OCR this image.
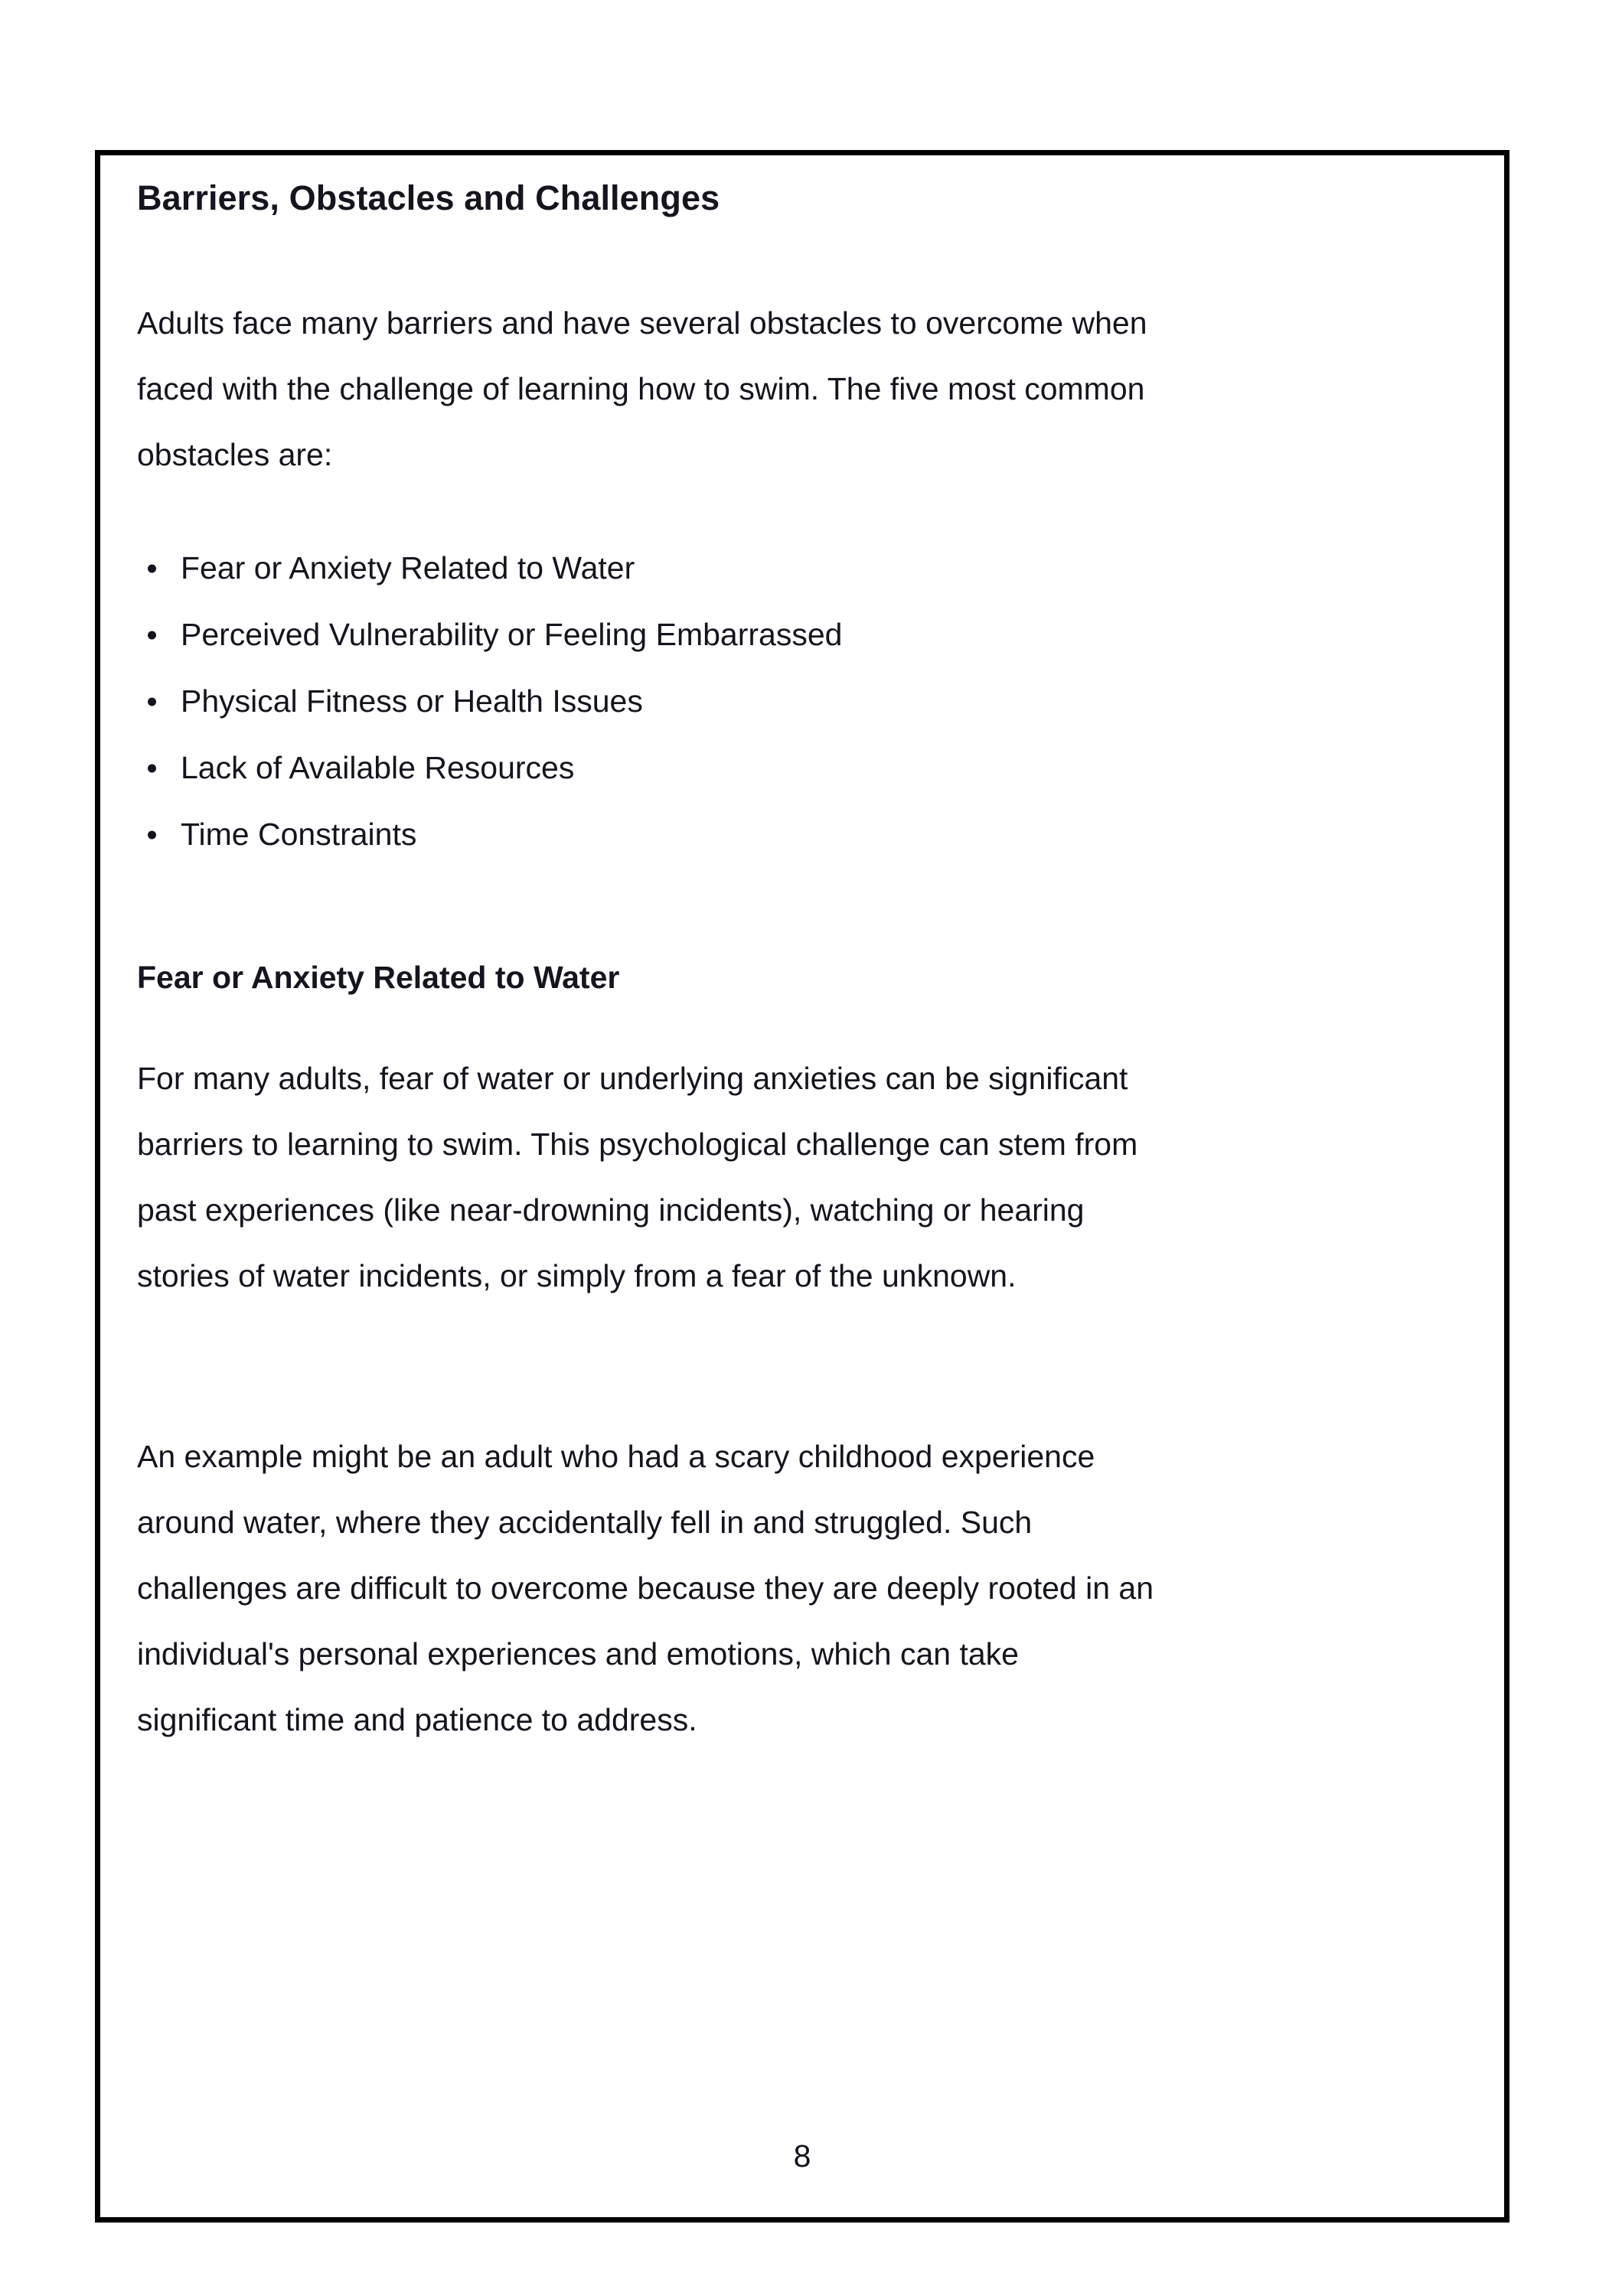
Barriers, Obstacles and Challenges

Adults face many barriers and have several obstacles to overcome when
faced with the challenge of learning how to swim. The five most common
obstacles are:

Fear or Anxiety Related to Water
Perceived Vulnerability or Feeling Embarrassed
Physical Fitness or Health Issues
Lack of Available Resources
Time Constraints
Fear or Anxiety Related to Water

For many adults, fear of water or underlying anxieties can be significant
barriers to learning to swim. This psychological challenge can stem from
past experiences (like near-drowning incidents), watching or hearing
stories of water incidents, or simply from a fear of the unknown.

An example might be an adult who had a scary childhood experience
around water, where they accidentally fell in and struggled. Such
challenges are difficult to overcome because they are deeply rooted in an
individual's personal experiences and emotions, which can take
significant time and patience to address.

8
